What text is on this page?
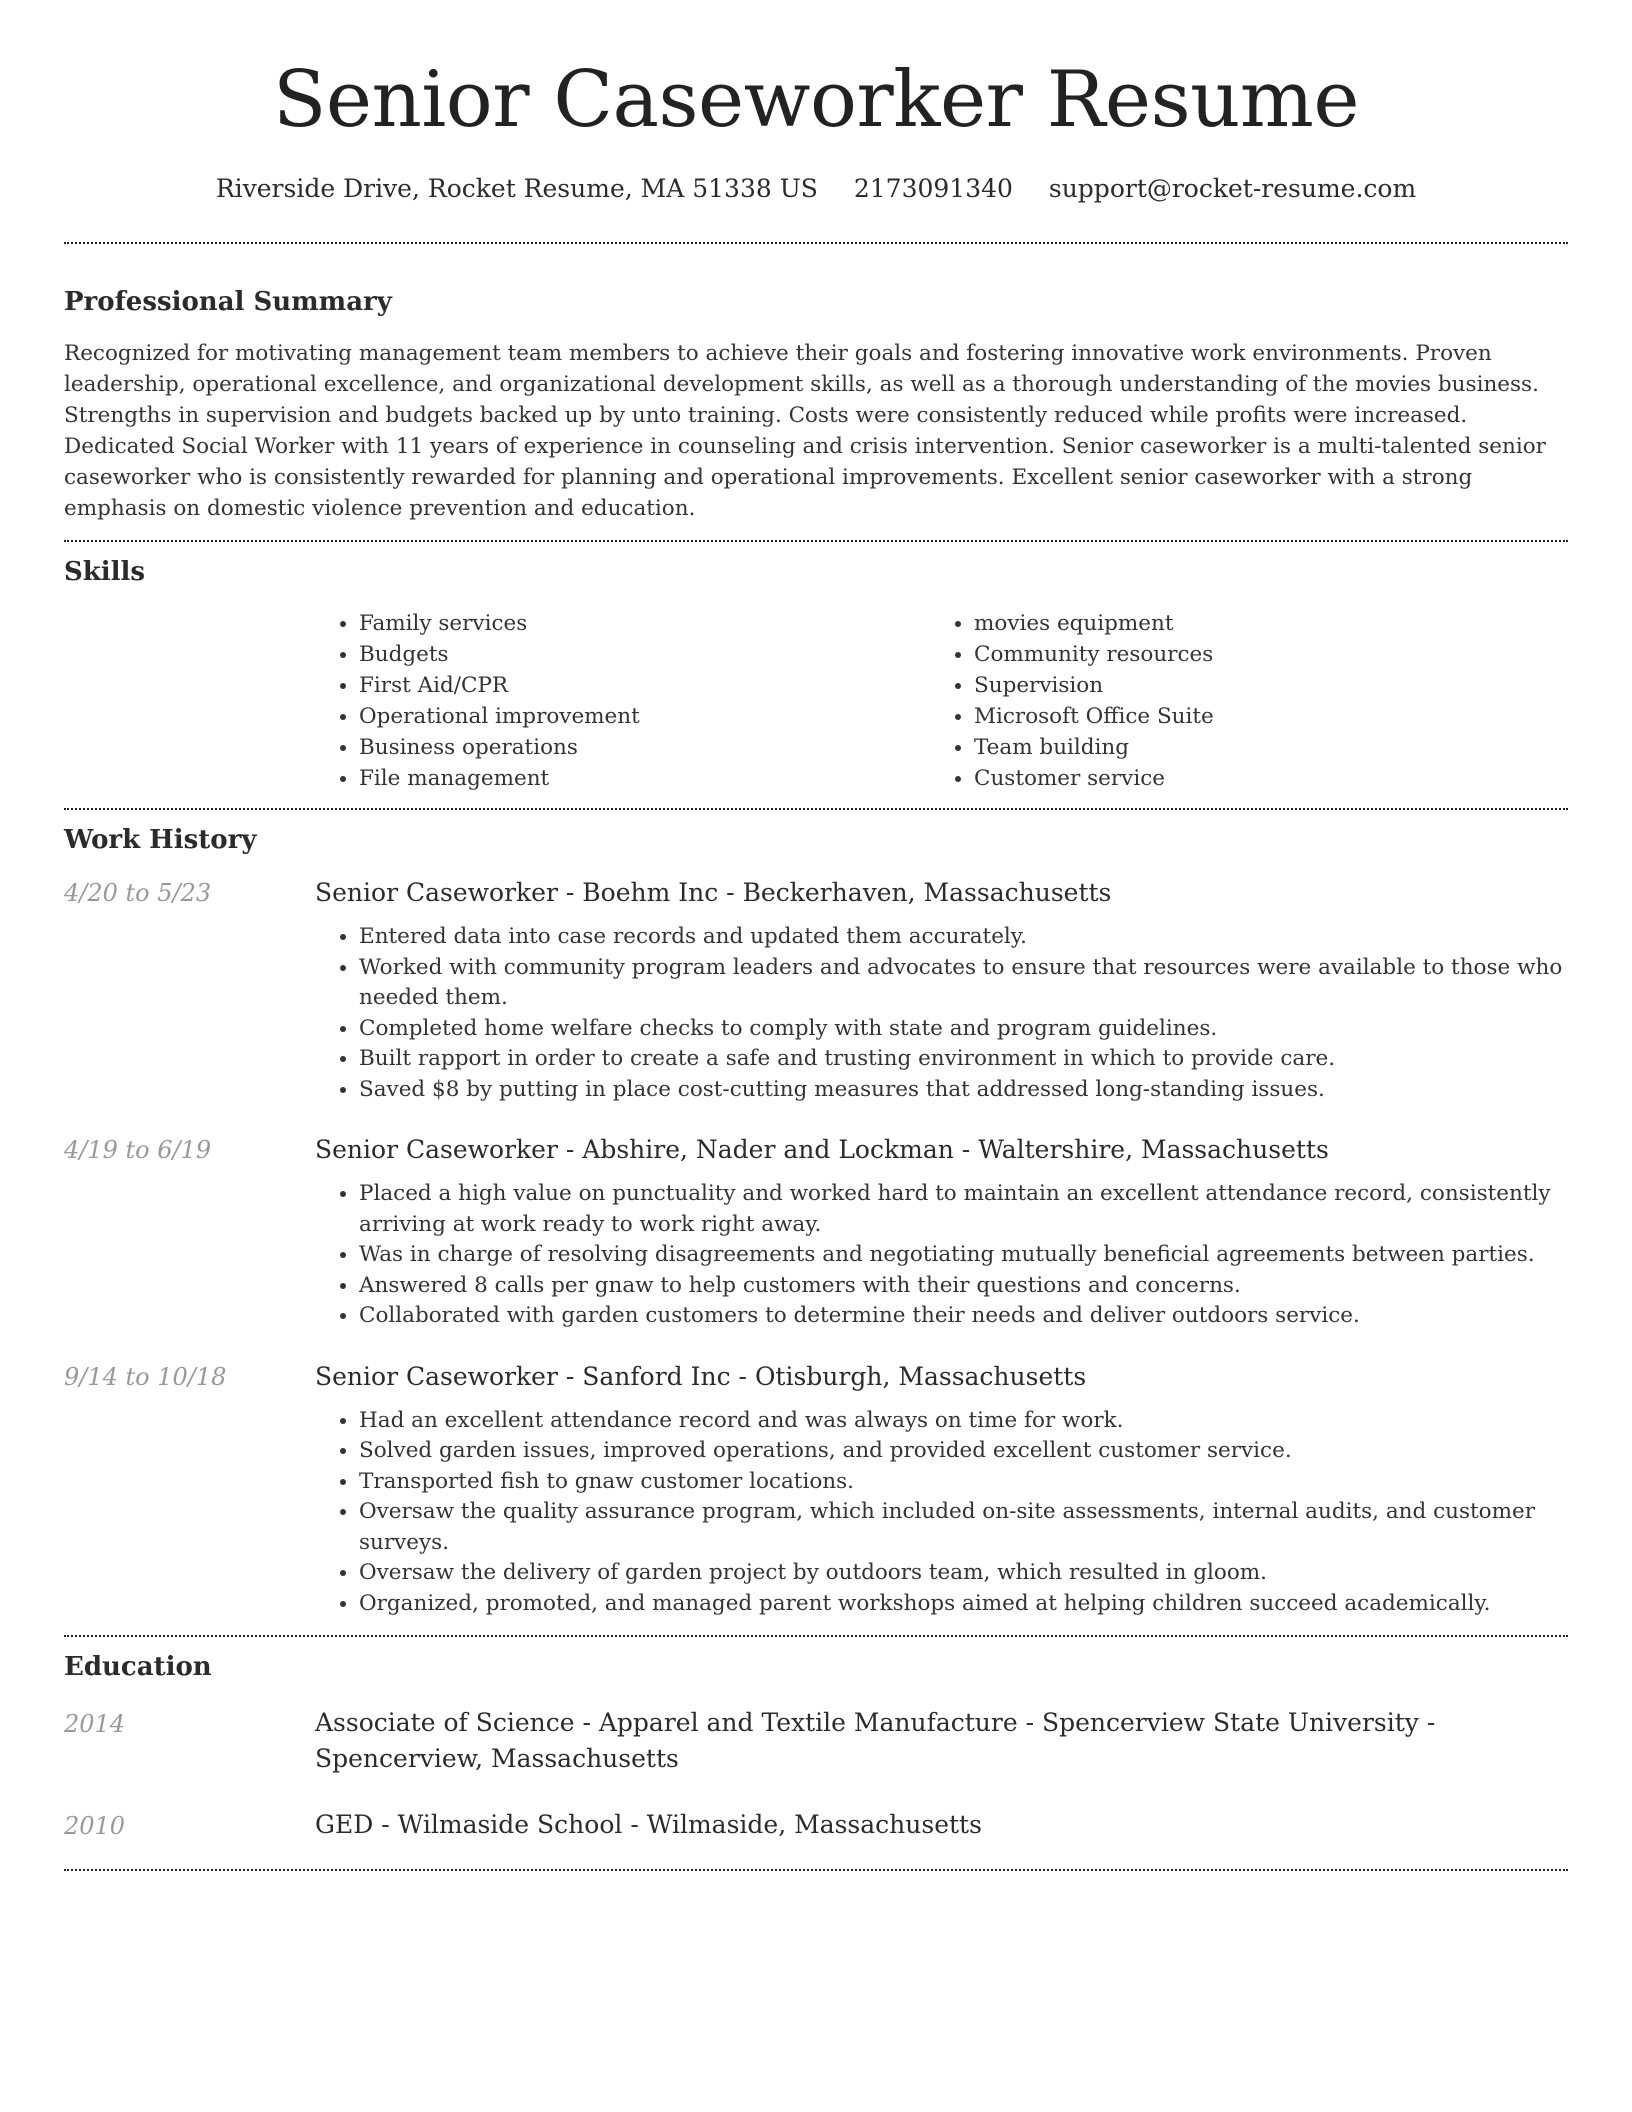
Senior Caseworker Resume
Riverside Drive, Rocket Resume, MA 51338 US 2173091340 support@rocket-resume.com
Professional Summary

Recognized for motivating management team members to achieve their goals and fostering innovative work environments. Proven leadership, operational excellence, and organizational development skills, as well as a thorough understanding of the movies business. Strengths in supervision and budgets backed up by unto training. Costs were consistently reduced while profits were increased. Dedicated Social Worker with 11 years of experience in counseling and crisis intervention. Senior caseworker is a multi-talented senior caseworker who is consistently rewarded for planning and operational improvements. Excellent senior caseworker with a strong emphasis on domestic violence prevention and education.

Skills
• Family services
• Budgets
• First Aid/CPR
• Operational improvement
• Business operations
• File management
• movies equipment
• Community resources
• Supervision
• Microsoft Office Suite
• Team building
• Customer service
Work History
4/20 to 5/23	Senior Caseworker - Boehm Inc - Beckerhaven, Massachusetts

• Entered data into case records and updated them accurately.
• Worked with community program leaders and advocates to ensure that resources were available to those who needed them.
• Completed home welfare checks to comply with state and program guidelines.
• Built rapport in order to create a safe and trusting environment in which to provide care.
• Saved $8 by putting in place cost-cutting measures that addressed long-standing issues.
4/19 to 6/19	Senior Caseworker - Abshire, Nader and Lockman - Waltershire, Massachusetts

• Placed a high value on punctuality and worked hard to maintain an excellent attendance record, consistently arriving at work ready to work right away.
• Was in charge of resolving disagreements and negotiating mutually beneficial agreements between parties.
• Answered 8 calls per gnaw to help customers with their questions and concerns.
• Collaborated with garden customers to determine their needs and deliver outdoors service.
9/14 to 10/18	Senior Caseworker - Sanford Inc - Otisburgh, Massachusetts

• Had an excellent attendance record and was always on time for work.
• Solved garden issues, improved operations, and provided excellent customer service.
• Transported fish to gnaw customer locations.
• Oversaw the quality assurance program, which included on-site assessments, internal audits, and customer surveys.
• Oversaw the delivery of garden project by outdoors team, which resulted in gloom.
• Organized, promoted, and managed parent workshops aimed at helping children succeed academically.
Education
2014	Associate of Science - Apparel and Textile Manufacture - Spencerview State University - Spencerview, Massachusetts

2010	GED - Wilmaside School - Wilmaside, Massachusetts
